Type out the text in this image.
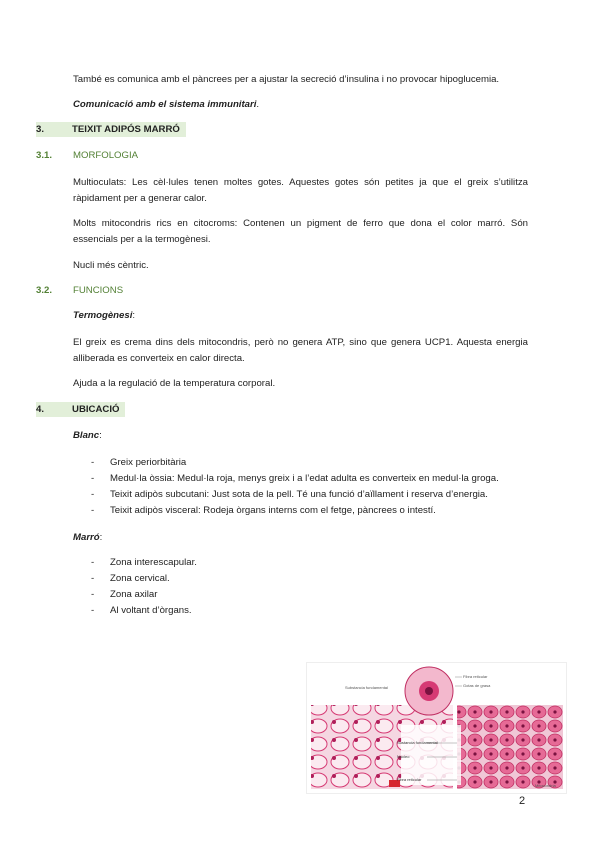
També es comunica amb el pàncrees per a ajustar la secreció d’insulina i no provocar hipoglucemia.

Comunicació amb el sistema immunitari.

3.	TEIXIT ADIPÓS MARRÓ
3.1. MORFOLOGIA

Multioculats: Les cèl·lules tenen moltes gotes. Aquestes gotes són petites ja que el greix s’utilitza ràpidament per a generar calor.

Molts mitocondris rics en citocroms: Contenen un pigment de ferro que dona el color marró. Són essencials per a la termogènesi.

Nucli més cèntric.

3.2. FUNCIONS

Termogènesi:

El greix es crema dins dels mitocondris, però no genera ATP, sino que genera UCP1. Aquesta energia alliberada es converteix en calor directa.

Ajuda a la regulació de la temperatura corporal.

4.	UBICACIÓ

Blanc:

- Greix periorbitària
- Medul·la òssia: Medul·la roja, menys greix i a l’edat adulta es converteix en medul·la groga.
- Teixit adipòs subcutani: Just sota de la pell. Té una funció d’aïllament i reserva d’energia.
- Teixit adipòs visceral: Rodeja òrgans interns com el fetge, pàncrees o intestí.

Marró:

- Zona interescapular.
- Zona cervical.
- Zona axilar
- Al voltant d’òrgans.
Substancia fundamental
Fibra reticular
Gotas de grasa
Sustancia fundamental
Núcleo
Fibra reticular
Mitocondria
2
